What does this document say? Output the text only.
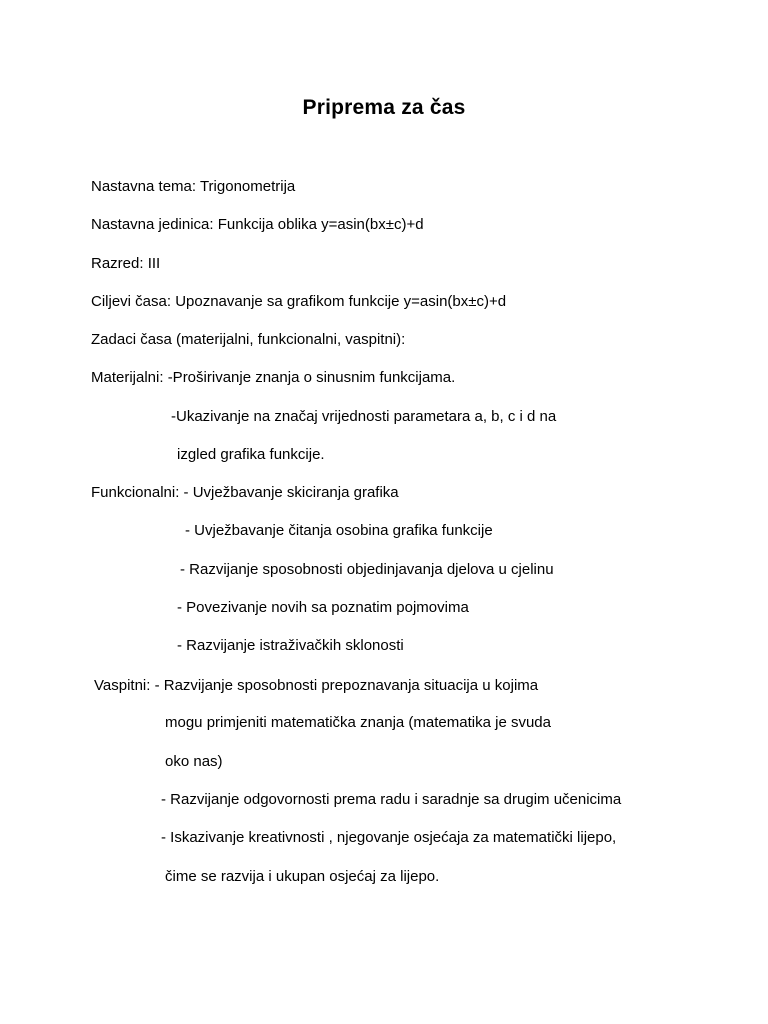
Priprema za čas
Nastavna tema: Trigonometrija
Nastavna jedinica: Funkcija oblika y=asin(bx±c)+d
Razred: III
Ciljevi časa: Upoznavanje sa grafikom funkcije y=asin(bx±c)+d
Zadaci časa (materijalni, funkcionalni, vaspitni):
Materijalni: -Proširivanje znanja o sinusnim funkcijama.
-Ukazivanje na značaj vrijednosti parametara a, b, c i d na
izgled grafika funkcije.
Funkcionalni: - Uvježbavanje skiciranja grafika
- Uvježbavanje čitanja osobina grafika funkcije
- Razvijanje sposobnosti objedinjavanja djelova u cjelinu
- Povezivanje novih sa poznatim pojmovima
- Razvijanje istraživačkih sklonosti
Vaspitni: - Razvijanje sposobnosti prepoznavanja situacija u kojima
mogu primjeniti matematička znanja (matematika je svuda
oko nas)
- Razvijanje odgovornosti prema radu i saradnje sa drugim učenicima
- Iskazivanje kreativnosti , njegovanje osjećaja za matematički lijepo,
čime se razvija i ukupan osjećaj za lijepo.
